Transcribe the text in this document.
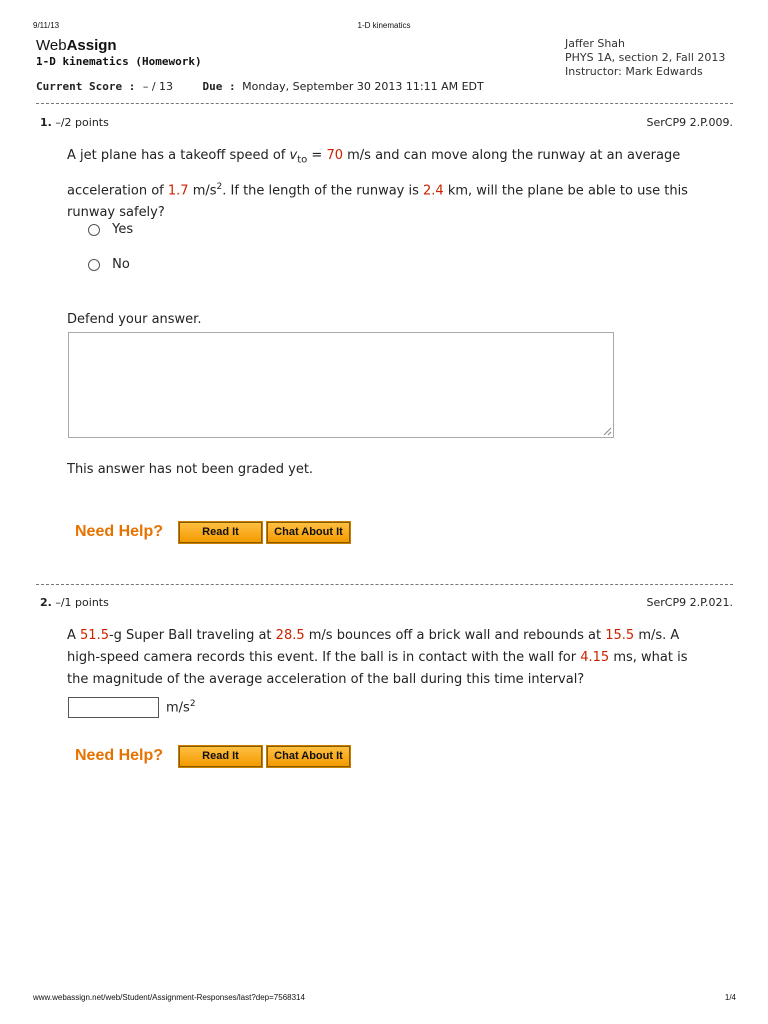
9/11/13	1-D kinematics
WebAssign
1-D kinematics (Homework)
Jaffer Shah
PHYS 1A, section 2, Fall 2013
Instructor: Mark Edwards
Current Score : – / 13	Due : Monday, September 30 2013 11:11 AM EDT
1. –/2 points	SerCP9 2.P.009.
A jet plane has a takeoff speed of $v_{to} = 70$ m/s and can move along the runway at an average
acceleration of 1.7 $m/s^2$. If the length of the runway is 2.4 km, will the plane be able to use this
runway safely?
Yes
No
Defend your answer.
This answer has not been graded yet.
Need Help?	Read It	Chat About It
2. –/1 points	SerCP9 2.P.021.
A 51.5-g Super Ball traveling at 28.5 m/s bounces off a brick wall and rebounds at 15.5 m/s. A
high-speed camera records this event. If the ball is in contact with the wall for 4.15 ms, what is
the magnitude of the average acceleration of the ball during this time interval?
$m/s^2$
Need Help?	Read It	Chat About It
www.webassign.net/web/Student/Assignment-Responses/last?dep=7568314	1/4
